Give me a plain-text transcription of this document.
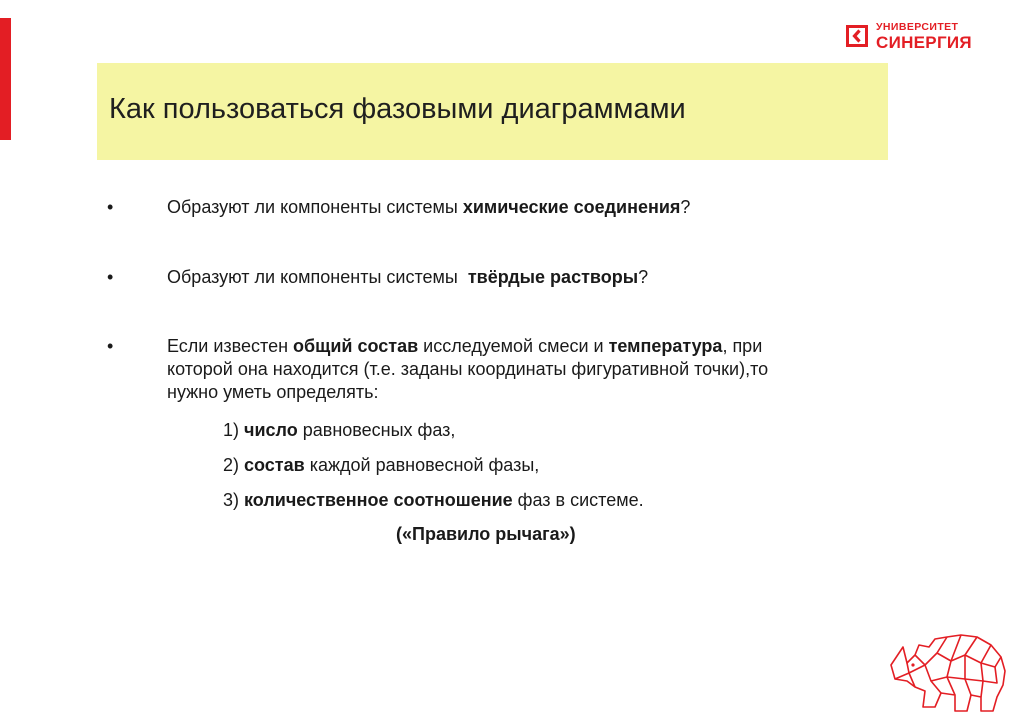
УНИВЕРСИТЕТ
СИНЕРГИЯ
Как пользоваться фазовыми диаграммами
•	Образуют ли компоненты системы химические соединения?
•	Образуют ли компоненты системы  твёрдые растворы?
•	Если известен общий состав исследуемой смеси и температура, при
которой она находится (т.е. заданы координаты фигуративной точки),то
нужно уметь определять:
1) число равновесных фаз,
2) состав каждой равновесной фазы,
3) количественное соотношение фаз в системе.
(«Правило рычага»)
